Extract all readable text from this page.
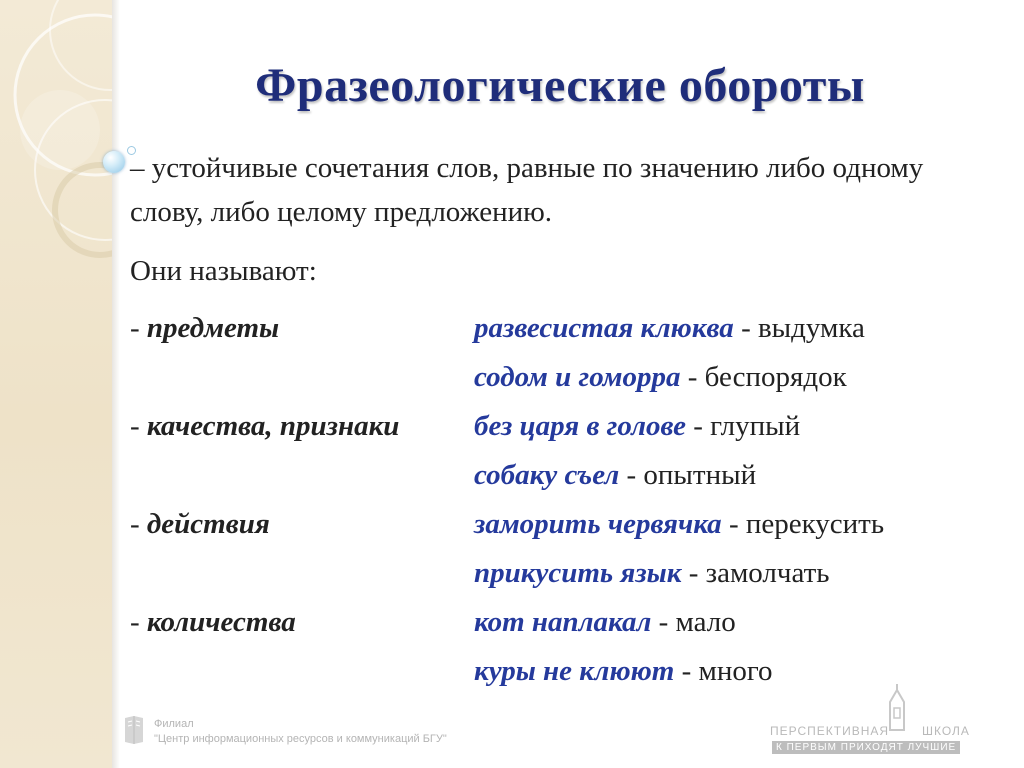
Фразеологические обороты

– устойчивые сочетания слов, равные по значению либо одному слову, либо целому предложению.

Они называют:
- предметы	развесистая клюква - выдумка
содом и гоморра - беспорядок
- качества, признаки	без царя в голове - глупый
собаку съел - опытный
- действия	заморить червячка - перекусить
прикусить язык - замолчать
- количества	кот наплакал - мало
куры не клюют - много
Филиал
"Центр информационных ресурсов и коммуникаций БГУ"
ПЕРСПЕКТИВНАЯ	ШКОЛА
К ПЕРВЫМ ПРИХОДЯТ ЛУЧШИЕ
